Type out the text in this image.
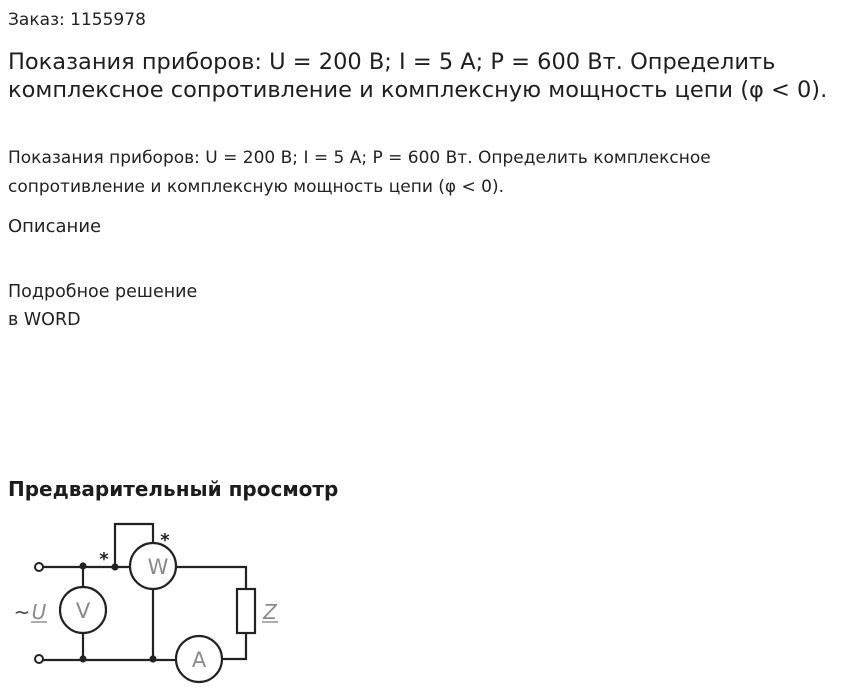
Заказ: 1155978
Показания приборов: U = 200 В; I = 5 А; P = 600 Вт. Определить комплексное сопротивление и комплексную мощность цепи (φ < 0).
Показания приборов: U = 200 В; I = 5 А; P = 600 Вт. Определить комплексное сопротивление и комплексную мощность цепи (φ < 0).
Описание
Подробное решение
в WORD
Предварительный просмотр
V
W
A
Z
~ U
*
*
